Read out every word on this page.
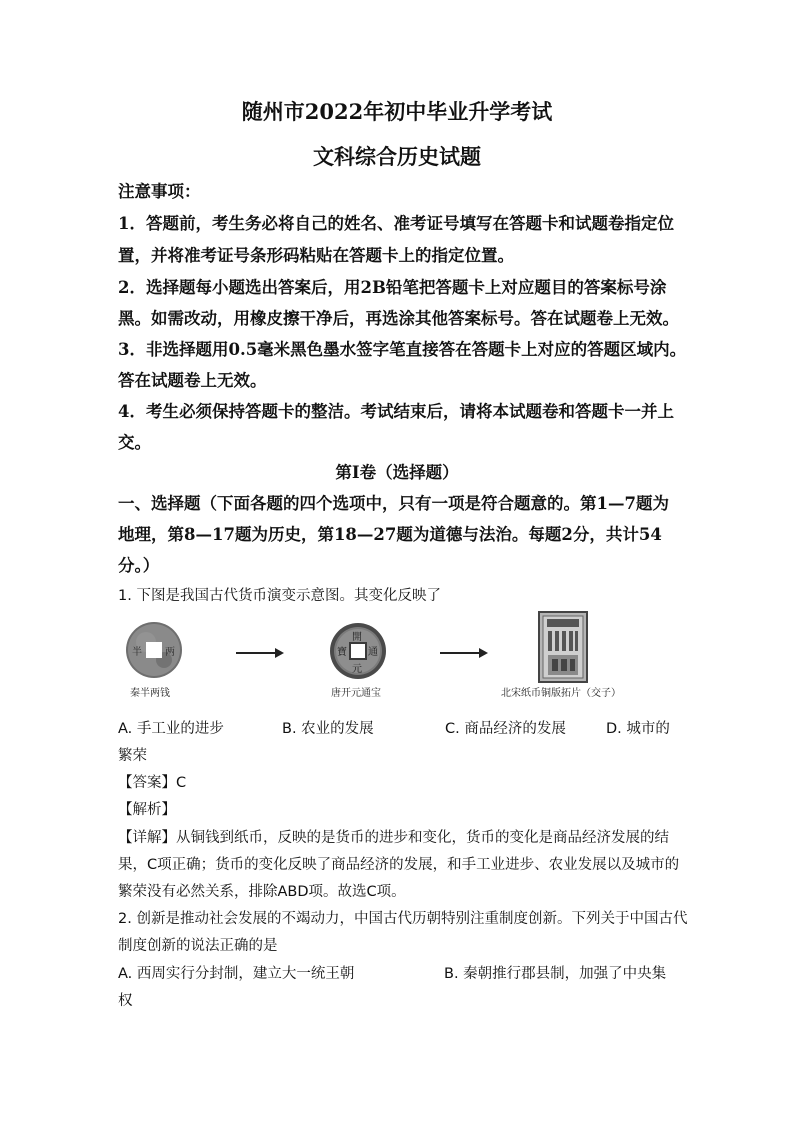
随州市2022年初中毕业升学考试
文科综合历史试题
注意事项：
1．答题前，考生务必将自己的姓名、准考证号填写在答题卡和试题卷指定位
置，并将准考证号条形码粘贴在答题卡上的指定位置。
2．选择题每小题选出答案后，用2B铅笔把答题卡上对应题目的答案标号涂
黑。如需改动，用橡皮擦干净后，再选涂其他答案标号。答在试题卷上无效。
3．非选择题用0.5毫米黑色墨水签字笔直接答在答题卡上对应的答题区域内。
答在试题卷上无效。
4．考生必须保持答题卡的整洁。考试结束后，请将本试题卷和答题卡一并上
交。
第I卷（选择题）
一、选择题（下面各题的四个选项中，只有一项是符合题意的。第1—7题为
地理，第8—17题为历史，第18—27题为道德与法治。每题2分，共计54
分。）
1. 下图是我国古代货币演变示意图。其变化反映了
半 两
秦半两钱
開
元
通
寶
唐开元通宝	北宋纸币铜版拓片（交子）
A. 手工业的进步	B. 农业的发展	C. 商品经济的发展	D. 城市的
繁荣
【答案】C
【解析】
【详解】从铜钱到纸币，反映的是货币的进步和变化，货币的变化是商品经济发展的结
果，C项正确；货币的变化反映了商品经济的发展，和手工业进步、农业发展以及城市的
繁荣没有必然关系，排除ABD项。故选C项。
2. 创新是推动社会发展的不竭动力，中国古代历朝特别注重制度创新。下列关于中国古代
制度创新的说法正确的是
A. 西周实行分封制，建立大一统王朝	B. 秦朝推行郡县制，加强了中央集
权
